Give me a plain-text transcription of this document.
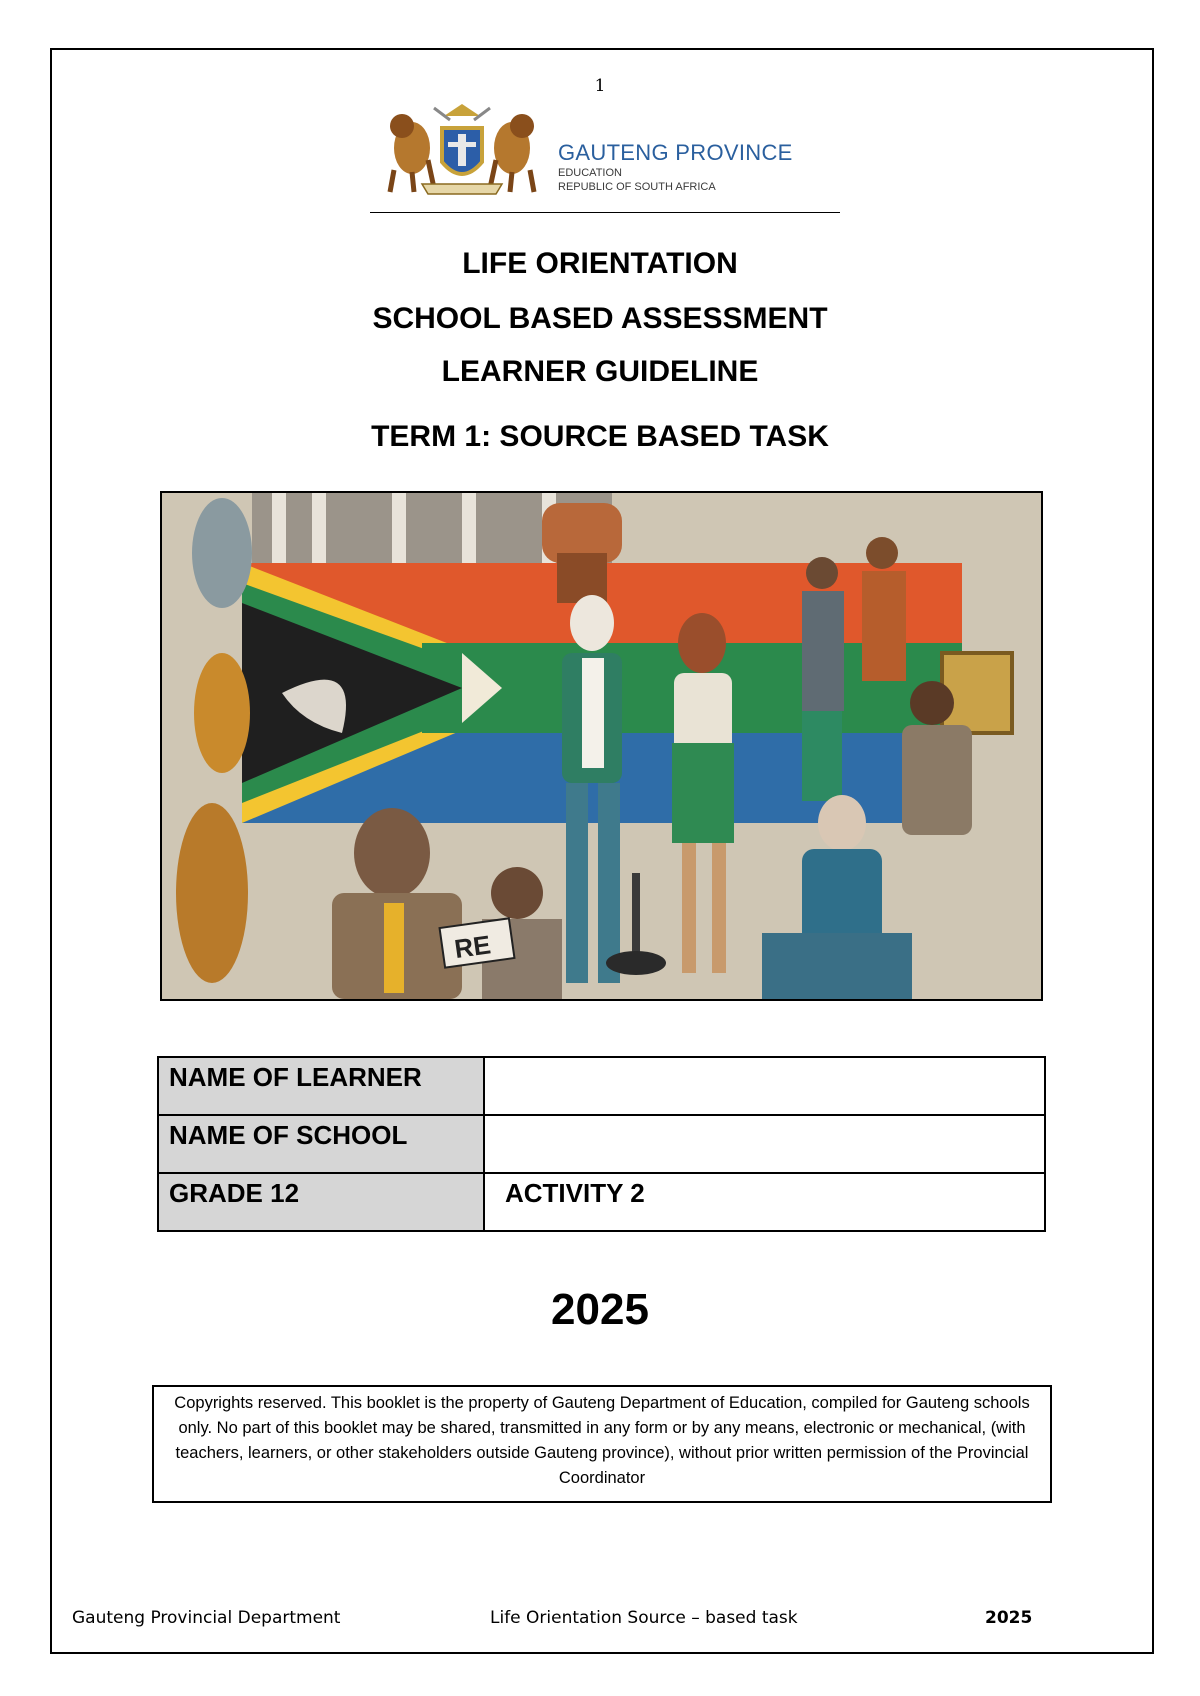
1
GAUTENG PROVINCE
EDUCATION
REPUBLIC OF SOUTH AFRICA
LIFE ORIENTATION
SCHOOL BASED ASSESSMENT
LEARNER GUIDELINE
TERM 1: SOURCE BASED TASK
RE
NAME OF LEARNER	
NAME OF SCHOOL	
GRADE 12	ACTIVITY 2
2025
Copyrights reserved. This booklet is the property of Gauteng Department of Education, compiled for Gauteng schools only. No part of this booklet may be shared, transmitted in any form or by any means, electronic or mechanical, (with teachers, learners, or other stakeholders outside Gauteng province), without prior written permission of the Provincial Coordinator
Gauteng Provincial Department	Life Orientation Source – based task	2025
